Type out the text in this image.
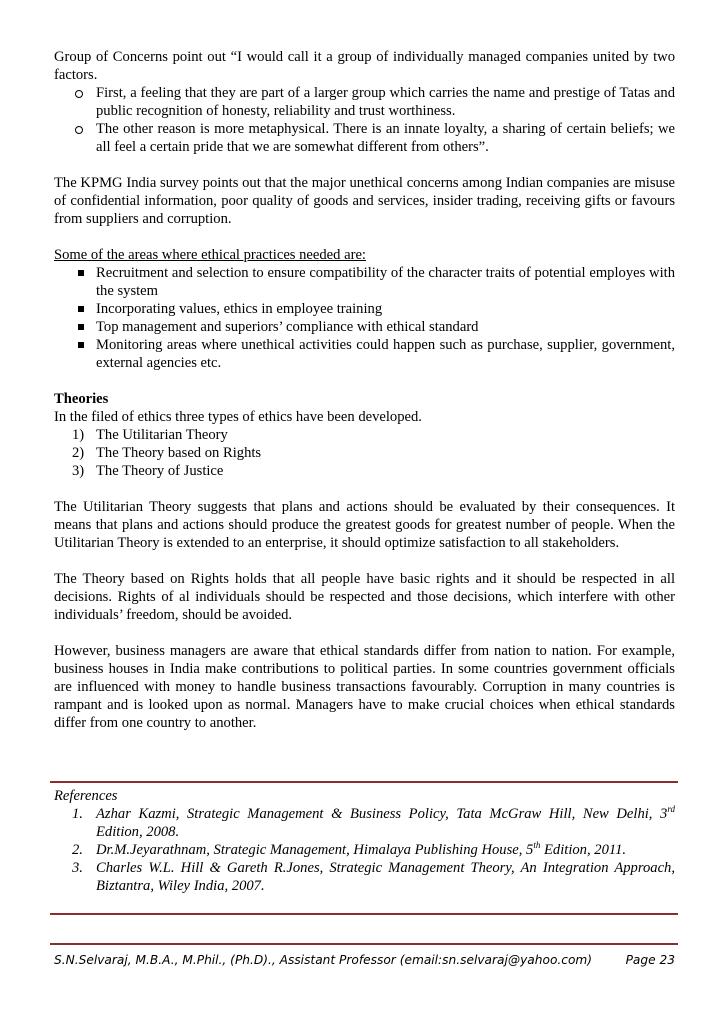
Group of Concerns point out “I would call it a group of individually managed companies united by two factors.

First, a feeling that they are part of a larger group which carries the name and prestige of Tatas and public recognition of honesty, reliability and trust worthiness.
The other reason is more metaphysical. There is an innate loyalty, a sharing of certain beliefs; we all feel a certain pride that we are somewhat different from others”.

The KPMG India survey points out that the major unethical concerns among Indian companies are misuse of confidential information, poor quality of goods and services, insider trading, receiving gifts or favours from suppliers and corruption.

Some of the areas where ethical practices needed are:

Recruitment and selection to ensure compatibility of the character traits of potential employes with the system
Incorporating values, ethics in employee training
Top management and superiors’ compliance with ethical standard
Monitoring areas where unethical activities could happen such as purchase, supplier, government, external agencies etc.

Theories

In the filed of ethics three types of ethics have been developed.

1) The Utilitarian Theory
2) The Theory based on Rights
3) The Theory of Justice

The Utilitarian Theory suggests that plans and actions should be evaluated by their consequences. It means that plans and actions should produce the greatest goods for greatest number of people. When the Utilitarian Theory is extended to an enterprise, it should optimize satisfaction to all stakeholders.

The Theory based on Rights holds that all people have basic rights and it should be respected in all decisions. Rights of al individuals should be respected and those decisions, which interfere with other individuals’ freedom, should be avoided.

However, business managers are aware that ethical standards differ from nation to nation. For example, business houses in India make contributions to political parties. In some countries government officials are influenced with money to handle business transactions favourably. Corruption in many countries is rampant and is looked upon as normal. Managers have to make crucial choices when ethical standards differ from one country to another.

References

1. Azhar Kazmi, Strategic Management & Business Policy, Tata McGraw Hill, New Delhi, 3rd Edition, 2008.
2. Dr.M.Jeyarathnam, Strategic Management, Himalaya Publishing House, 5th Edition, 2011.
3. Charles W.L. Hill & Gareth R.Jones, Strategic Management Theory, An Integration Approach, Biztantra, Wiley India, 2007.
S.N.Selvaraj, M.B.A., M.Phil., (Ph.D)., Assistant Professor (email:sn.selvaraj@yahoo.com)	Page 23
